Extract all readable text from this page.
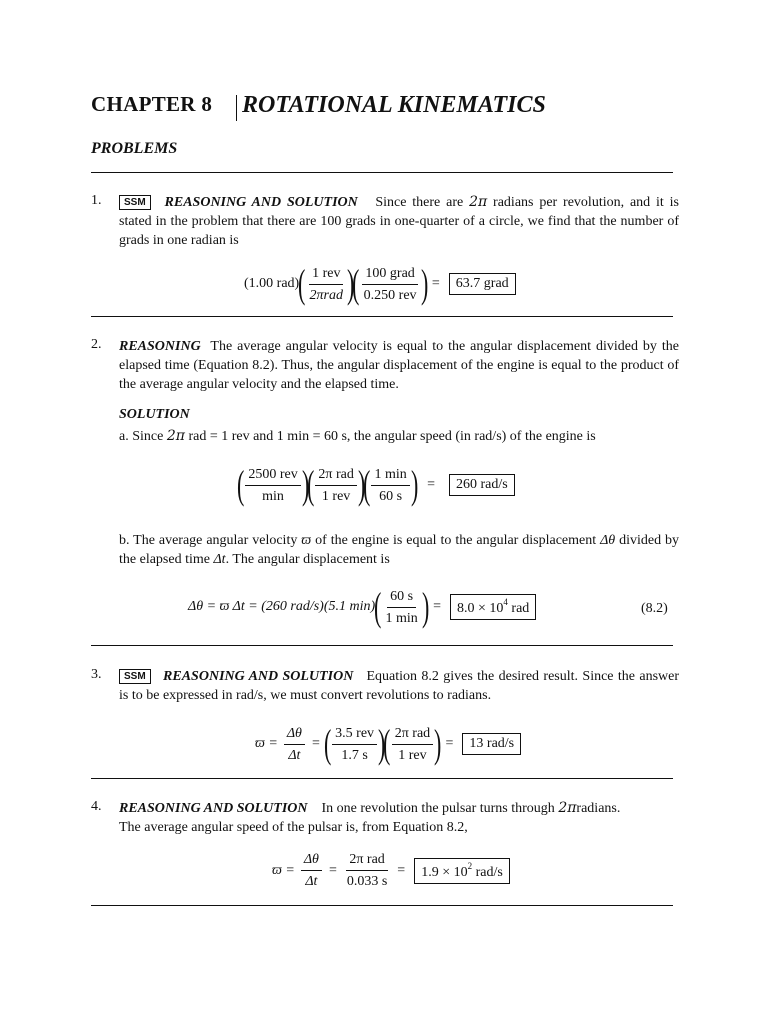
CHAPTER 8 ROTATIONAL KINEMATICS
PROBLEMS
1.	SSM REASONING AND SOLUTION Since there are 2π radians per revolution, and it is stated in the problem that there are 100 grads in one-quarter of a circle, we find that the number of grads in one radian is
(1.00 rad)
( $\frac{\text{1 rev}}{\text{2πrad}}$ )
( $\frac{\text{100 grad}}{\text{0.250 rev}}$ ) =	63.7 grad
2. REASONING The average angular velocity is equal to the angular displacement divided by the elapsed time (Equation 8.2). Thus, the angular displacement of the engine is equal to the product of the average angular velocity and the elapsed time.
SOLUTION
a. Since 2π rad = 1 rev and 1 min = 60 s, the angular speed (in rad/s) of the engine is
( $\frac{\text{2500 rev}}{\min}$ )
( $\frac{\text{2π rad}}{\text{1 rev}}$ )
( $\frac{1 \min}{60 s}$ ) =	260 rad/s
b. The average angular velocity ϖ of the engine is equal to the angular displacement Δθ divided by the elapsed time Δt. The angular displacement is
Δθ = ϖ Δt = (260 rad/s)(5.1 min)
( $\frac{60 s}{1 \min}$ ) =	$8.0 \times 10^4$ rad	(8.2)
3.	SSM REASONING AND SOLUTION Equation 8.2 gives the desired result. Since the answer is to be expressed in rad/s, we must convert revolutions to radians.
$ϖ = \frac{\Delta\theta}{\Delta t}$ = ( $\frac{\text{3.5 rev}}{1.7 s}$ )
( $\frac{\text{2π rad}}{\text{1 rev}}$ ) =	13 rad/s
4. REASONING AND SOLUTION In one revolution the pulsar turns through 2πradians.
The average angular speed of the pulsar is, from Equation 8.2,
$ϖ = \frac{\Delta\theta}{\Delta t} = \frac{\text{2π rad}}{0.033 s}$ =	$1.9 \times 10^2$ rad/s
